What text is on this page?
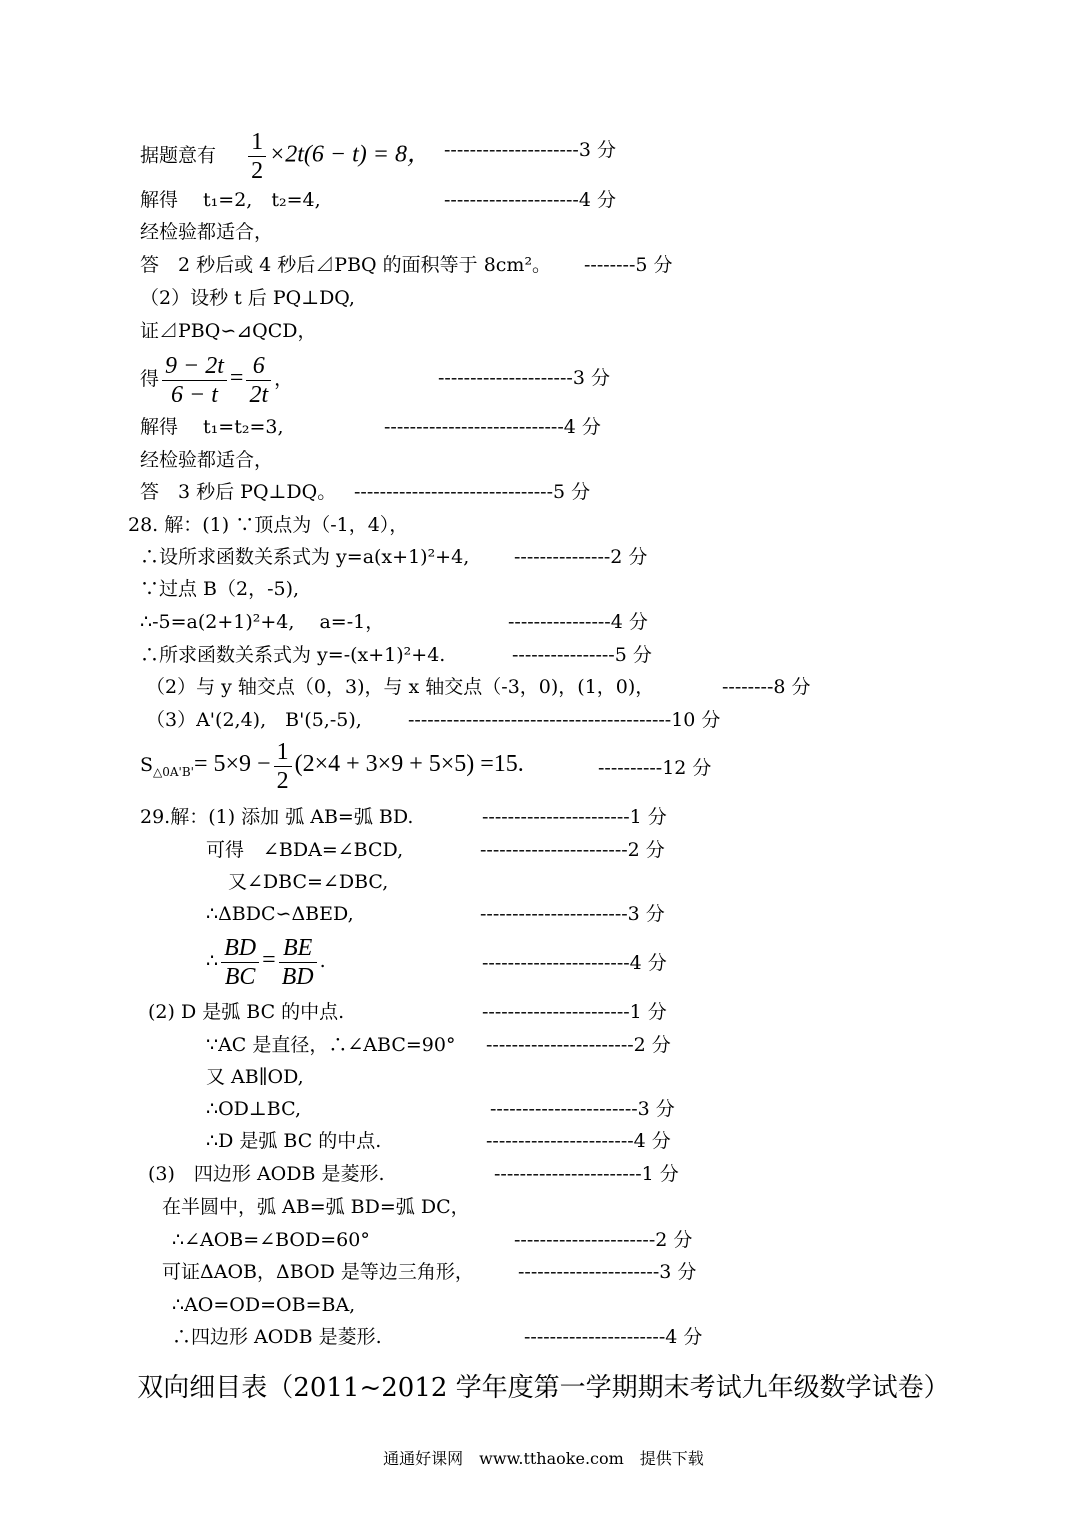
据题意有 $\frac{1}{2} \times 2t(6 - t) = 8$， ---------------------3 分
解得　 t₁=2,　t₂=4,	---------------------4 分
经检验都适合，
答　2 秒后或 4 秒后⊿PBQ 的面积等于 8cm²。 --------5 分
（2）设秒 t 后 PQ⊥DQ,
证⊿PBQ∽⊿QCD，
得 $\frac{9 - 2t}{6 - t} = \frac{6}{2t}$ ，	---------------------3 分
解得　 t₁=t₂=3,	----------------------------4 分
经检验都适合，
答　3 秒后 PQ⊥DQ。 -------------------------------5 分
28. 解：(1) ∵顶点为（-1，4），
∴设所求函数关系式为 y=a(x+1)²+4, ---------------2 分
∵过点 B（2，-5),
∴-5=a(2+1)²+4,　 a=-1，	----------------4 分
∴所求函数关系式为 y=-(x+1)²+4.	----------------5 分
（2）与 y 轴交点（0，3)，与 x 轴交点（-3，0)，(1，0)，	--------8 分
（3）A'(2,4),　B'(5,-5), -----------------------------------------10 分
$S_{\triangle 0A'B'}= 5\times 9 - \frac{1}{2} (2\times 4 + 3\times 9 + 5\times 5) =15$.	----------12 分
29.解：(1) 添加 弧 AB=弧 BD.	-----------------------1 分
可得　∠BDA=∠BCD,	-----------------------2 分
又∠DBC=∠DBC,
∴ΔBDC∽ΔBED,	-----------------------3 分
∴ $\frac{BD}{BC} = \frac{BE}{BD}$ .	-----------------------4 分
(2) D 是弧 BC 的中点.	-----------------------1 分
∵AC 是直径，∴∠ABC=90° -----------------------2 分
又 AB∥OD,
∴OD⊥BC,	-----------------------3 分
∴D 是弧 BC 的中点.	-----------------------4 分
(3)　四边形 AODB 是菱形.	-----------------------1 分
在半圆中，弧 AB=弧 BD=弧 DC，
∴∠AOB=∠BOD=60°	----------------------2 分
可证ΔAOB，ΔBOD 是等边三角形， ----------------------3 分
∴AO=OD=OB=BA,
∴四边形 AODB 是菱形.	----------------------4 分
双向细目表（2011~2012 学年度第一学期期末考试九年级数学试卷）
通通好课网　www.tthaoke.com　提供下载
